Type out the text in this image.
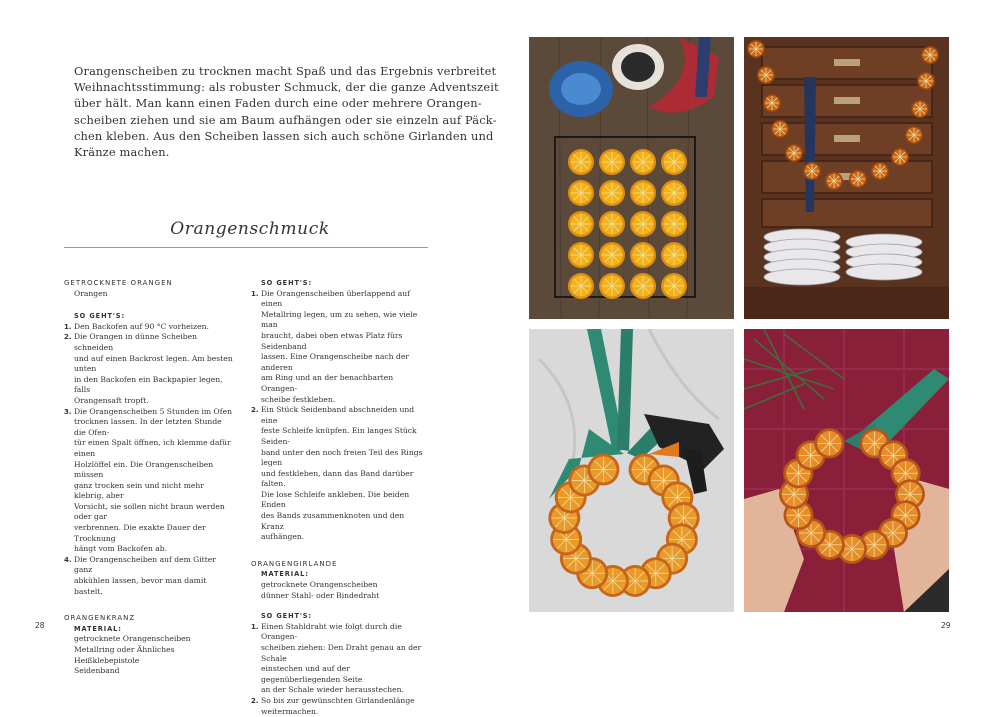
Orangenscheiben zu trocknen macht Spaß und das Ergebnis verbreitet
Weihnachtsstimmung: als robuster Schmuck, der die ganze Adventszeit
über hält. Man kann einen Faden durch eine oder mehrere Orangen-
scheiben ziehen und sie am Baum aufhängen oder sie einzeln auf Päck-
chen kleben. Aus den Scheiben lassen sich auch schöne Girlanden und
Kränze machen.
Orangenschmuck
GETROCKNETE ORANGEN
Orangen
SO GEHT'S:
1. Den Backofen auf 90 °C vorheizen.
2. Die Orangen in dünne Scheiben schneiden
und auf einen Backrost legen. Am besten unten
in den Backofen ein Backpapier legen, falls
Orangensaft tropft.
3. Die Orangenscheiben 5 Stunden im Ofen
trocknen lassen. In der letzten Stunde die Ofen-
tür einen Spalt öffnen, ich klemme dafür einen
Holzlöffel ein. Die Orangenscheiben müssen
ganz trocken sein und nicht mehr klebrig, aber
Vorsicht, sie sollen nicht braun werden oder gar
verbrennen. Die exakte Dauer der Trocknung
hängt vom Backofen ab.
4. Die Orangenscheiben auf dem Gitter ganz
abkühlen lassen, bevor man damit bastelt.
ORANGENKRANZ
MATERIAL:
getrocknete Orangenscheiben
Metallring oder Ähnliches
Heißklebepistole
Seidenband
SO GEHT'S:
1. Die Orangenscheiben überlappend auf einen
Metallring legen, um zu sehen, wie viele man
braucht, dabei oben etwas Platz fürs Seidenband
lassen. Eine Orangenscheibe nach der anderen
am Ring und an der benachbarten Orangen-
scheibe festkleben.
2. Ein Stück Seidenband abschneiden und eine
feste Schleife knüpfen. Ein langes Stück Seiden-
band unter den noch freien Teil des Rings legen
und festkleben, dann das Band darüber falten.
Die lose Schleife ankleben. Die beiden Enden
des Bands zusammenknoten und den Kranz
aufhängen.
ORANGENGIRLANDE
MATERIAL:
getrocknete Orangenscheiben
dünner Stahl- oder Bindedraht
SO GEHT'S:
1. Einen Stahldraht wie folgt durch die Orangen-
scheiben ziehen: Den Draht genau an der Schale
einstechen und auf der gegenüberliegenden Seite
an der Schale wieder herausstechen.
2. So bis zur gewünschten Girlandenlänge
weitermachen.
28	29
